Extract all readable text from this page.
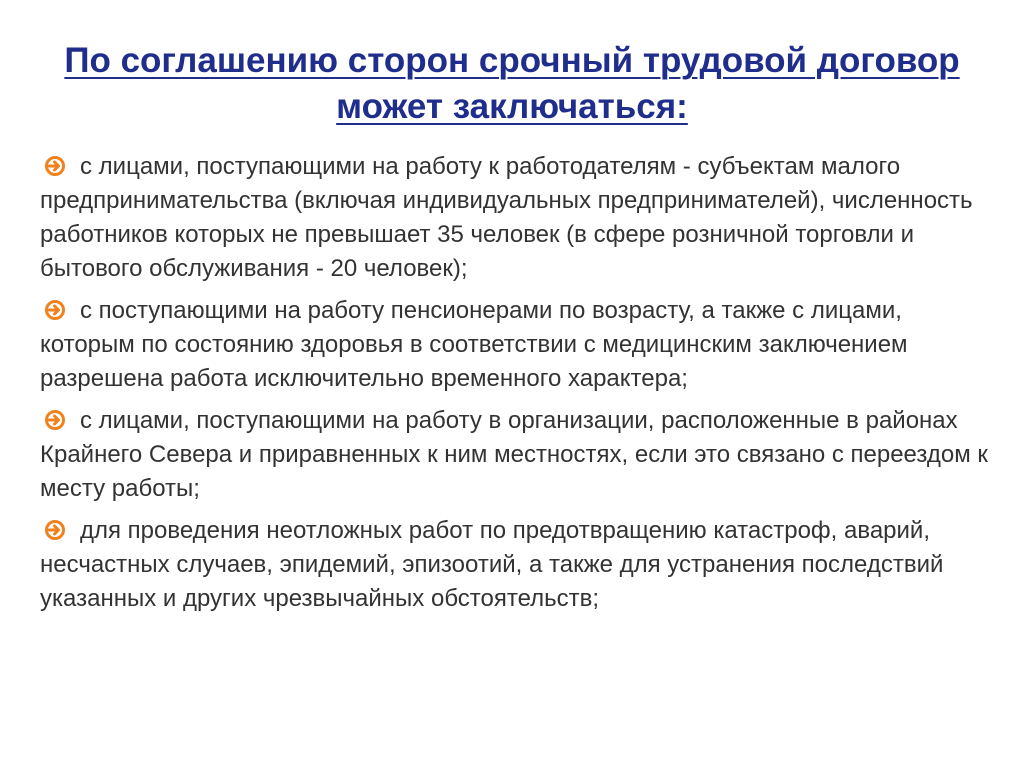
По соглашению сторон срочный трудовой договор может заключаться:
с лицами, поступающими на работу к работодателям - субъектам малого предпринимательства (включая индивидуальных предпринимателей), численность работников которых не превышает 35 человек (в сфере розничной торговли и бытового обслуживания - 20 человек);
с поступающими на работу пенсионерами по возрасту, а также с лицами, которым по состоянию здоровья в соответствии с медицинским заключением разрешена работа исключительно временного характера;
с лицами, поступающими на работу в организации, расположенные в районах Крайнего Севера и приравненных к ним местностях, если это связано с переездом к месту работы;
для проведения неотложных работ по предотвращению катастроф, аварий, несчастных случаев, эпидемий, эпизоотий, а также для устранения последствий указанных и других чрезвычайных обстоятельств;
